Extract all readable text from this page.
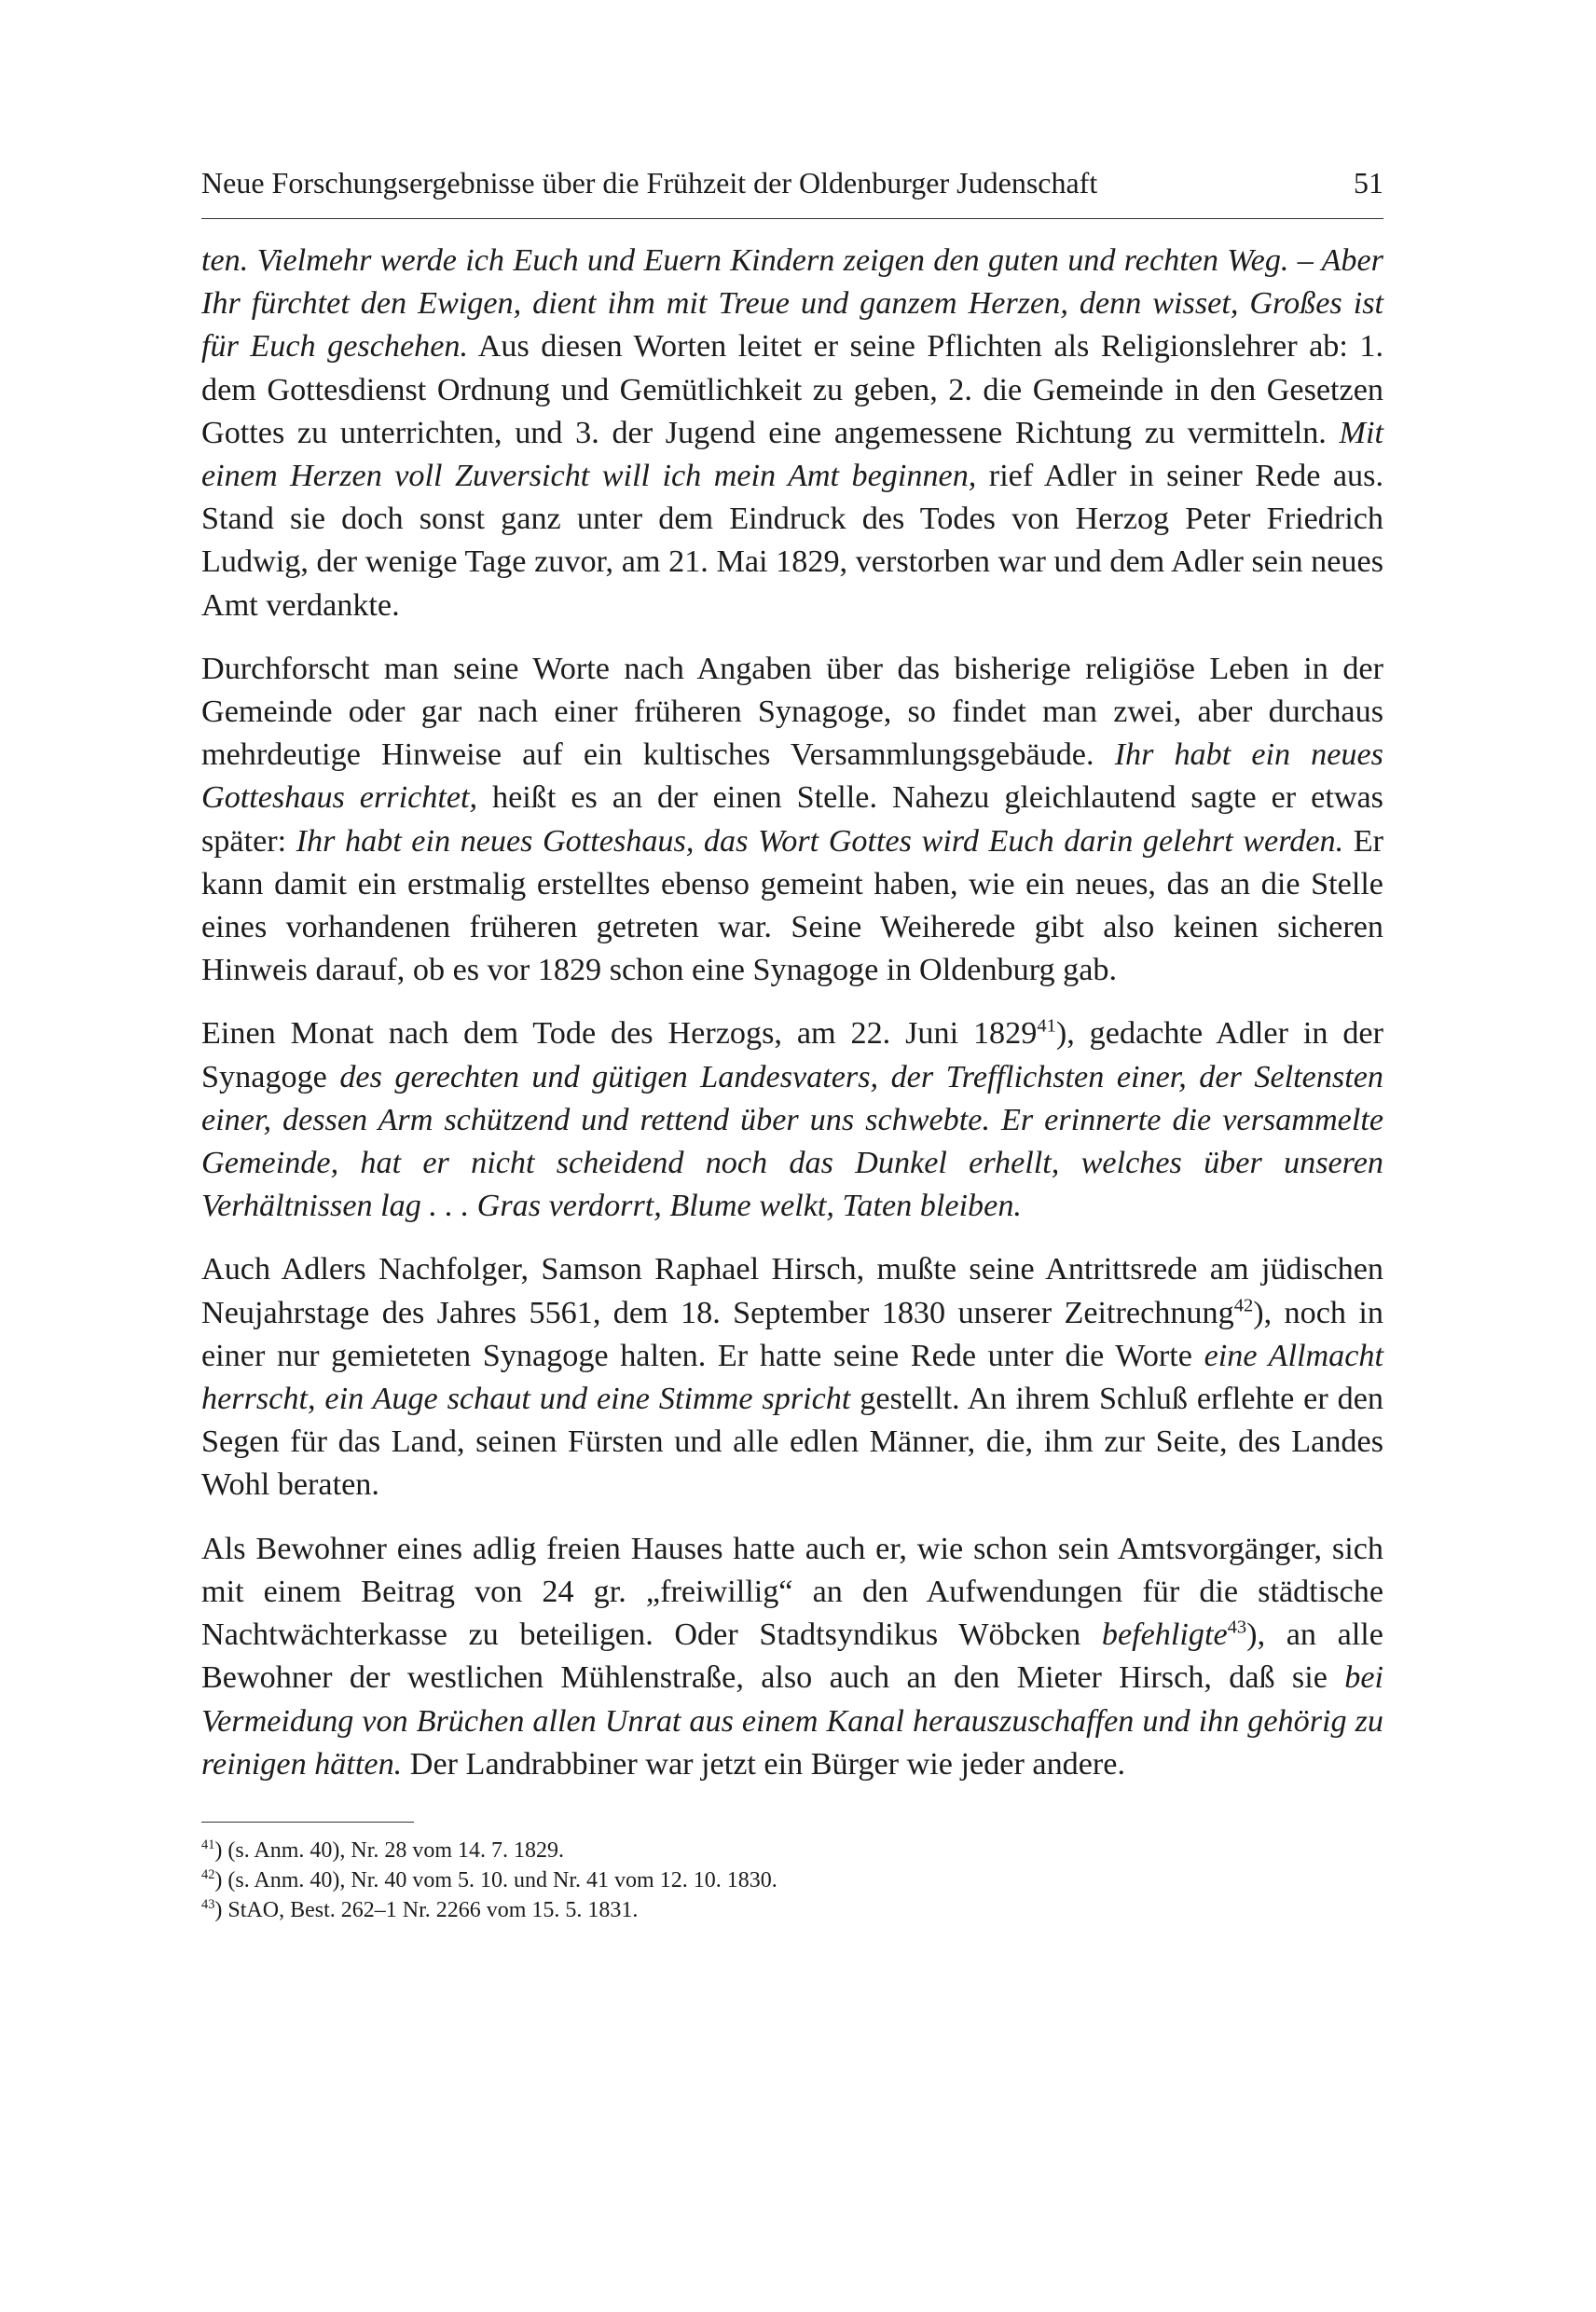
Neue Forschungsergebnisse über die Frühzeit der Oldenburger Judenschaft	51

ten. Vielmehr werde ich Euch und Euern Kindern zeigen den guten und rechten Weg. – Aber Ihr fürchtet den Ewigen, dient ihm mit Treue und ganzem Herzen, denn wisset, Großes ist für Euch geschehen. Aus diesen Worten leitet er seine Pflichten als Religionslehrer ab: 1. dem Gottesdienst Ordnung und Gemütlichkeit zu geben, 2. die Gemeinde in den Gesetzen Gottes zu unterrichten, und 3. der Jugend eine angemessene Richtung zu vermitteln. Mit einem Herzen voll Zuversicht will ich mein Amt beginnen, rief Adler in seiner Rede aus. Stand sie doch sonst ganz unter dem Eindruck des Todes von Herzog Peter Friedrich Ludwig, der wenige Tage zuvor, am 21. Mai 1829, verstorben war und dem Adler sein neues Amt verdankte.

Durchforscht man seine Worte nach Angaben über das bisherige religiöse Leben in der Gemeinde oder gar nach einer früheren Synagoge, so findet man zwei, aber durchaus mehrdeutige Hinweise auf ein kultisches Versammlungsgebäude. Ihr habt ein neues Gotteshaus errichtet, heißt es an der einen Stelle. Nahezu gleichlautend sagte er etwas später: Ihr habt ein neues Gotteshaus, das Wort Gottes wird Euch darin gelehrt werden. Er kann damit ein erstmalig erstelltes ebenso gemeint haben, wie ein neues, das an die Stelle eines vorhandenen früheren getreten war. Seine Weiherede gibt also keinen sicheren Hinweis darauf, ob es vor 1829 schon eine Synagoge in Oldenburg gab.

Einen Monat nach dem Tode des Herzogs, am 22. Juni 1829$^{41}$), gedachte Adler in der Synagoge des gerechten und gütigen Landesvaters, der Trefflichsten einer, der Seltensten einer, dessen Arm schützend und rettend über uns schwebte. Er erinnerte die versammelte Gemeinde, hat er nicht scheidend noch das Dunkel erhellt, welches über unseren Verhältnissen lag . . . Gras verdorrt, Blume welkt, Taten bleiben.

Auch Adlers Nachfolger, Samson Raphael Hirsch, mußte seine Antrittsrede am jüdischen Neujahrstage des Jahres 5561, dem 18. September 1830 unserer Zeitrechnung$^{42}$), noch in einer nur gemieteten Synagoge halten. Er hatte seine Rede unter die Worte eine Allmacht herrscht, ein Auge schaut und eine Stimme spricht gestellt. An ihrem Schluß erflehte er den Segen für das Land, seinen Fürsten und alle edlen Männer, die, ihm zur Seite, des Landes Wohl beraten.

Als Bewohner eines adlig freien Hauses hatte auch er, wie schon sein Amtsvorgänger, sich mit einem Beitrag von 24 gr. „freiwillig“ an den Aufwendungen für die städtische Nachtwächterkasse zu beteiligen. Oder Stadtsyndikus Wöbcken befehligte$^{43}$), an alle Bewohner der westlichen Mühlenstraße, also auch an den Mieter Hirsch, daß sie bei Vermeidung von Brüchen allen Unrat aus einem Kanal herauszuschaffen und ihn gehörig zu reinigen hätten. Der Landrabbiner war jetzt ein Bürger wie jeder andere.

$^{41}$) (s. Anm. 40), Nr. 28 vom 14. 7. 1829.

$^{42}$) (s. Anm. 40), Nr. 40 vom 5. 10. und Nr. 41 vom 12. 10. 1830.

$^{43}$) StAO, Best. 262–1 Nr. 2266 vom 15. 5. 1831.
